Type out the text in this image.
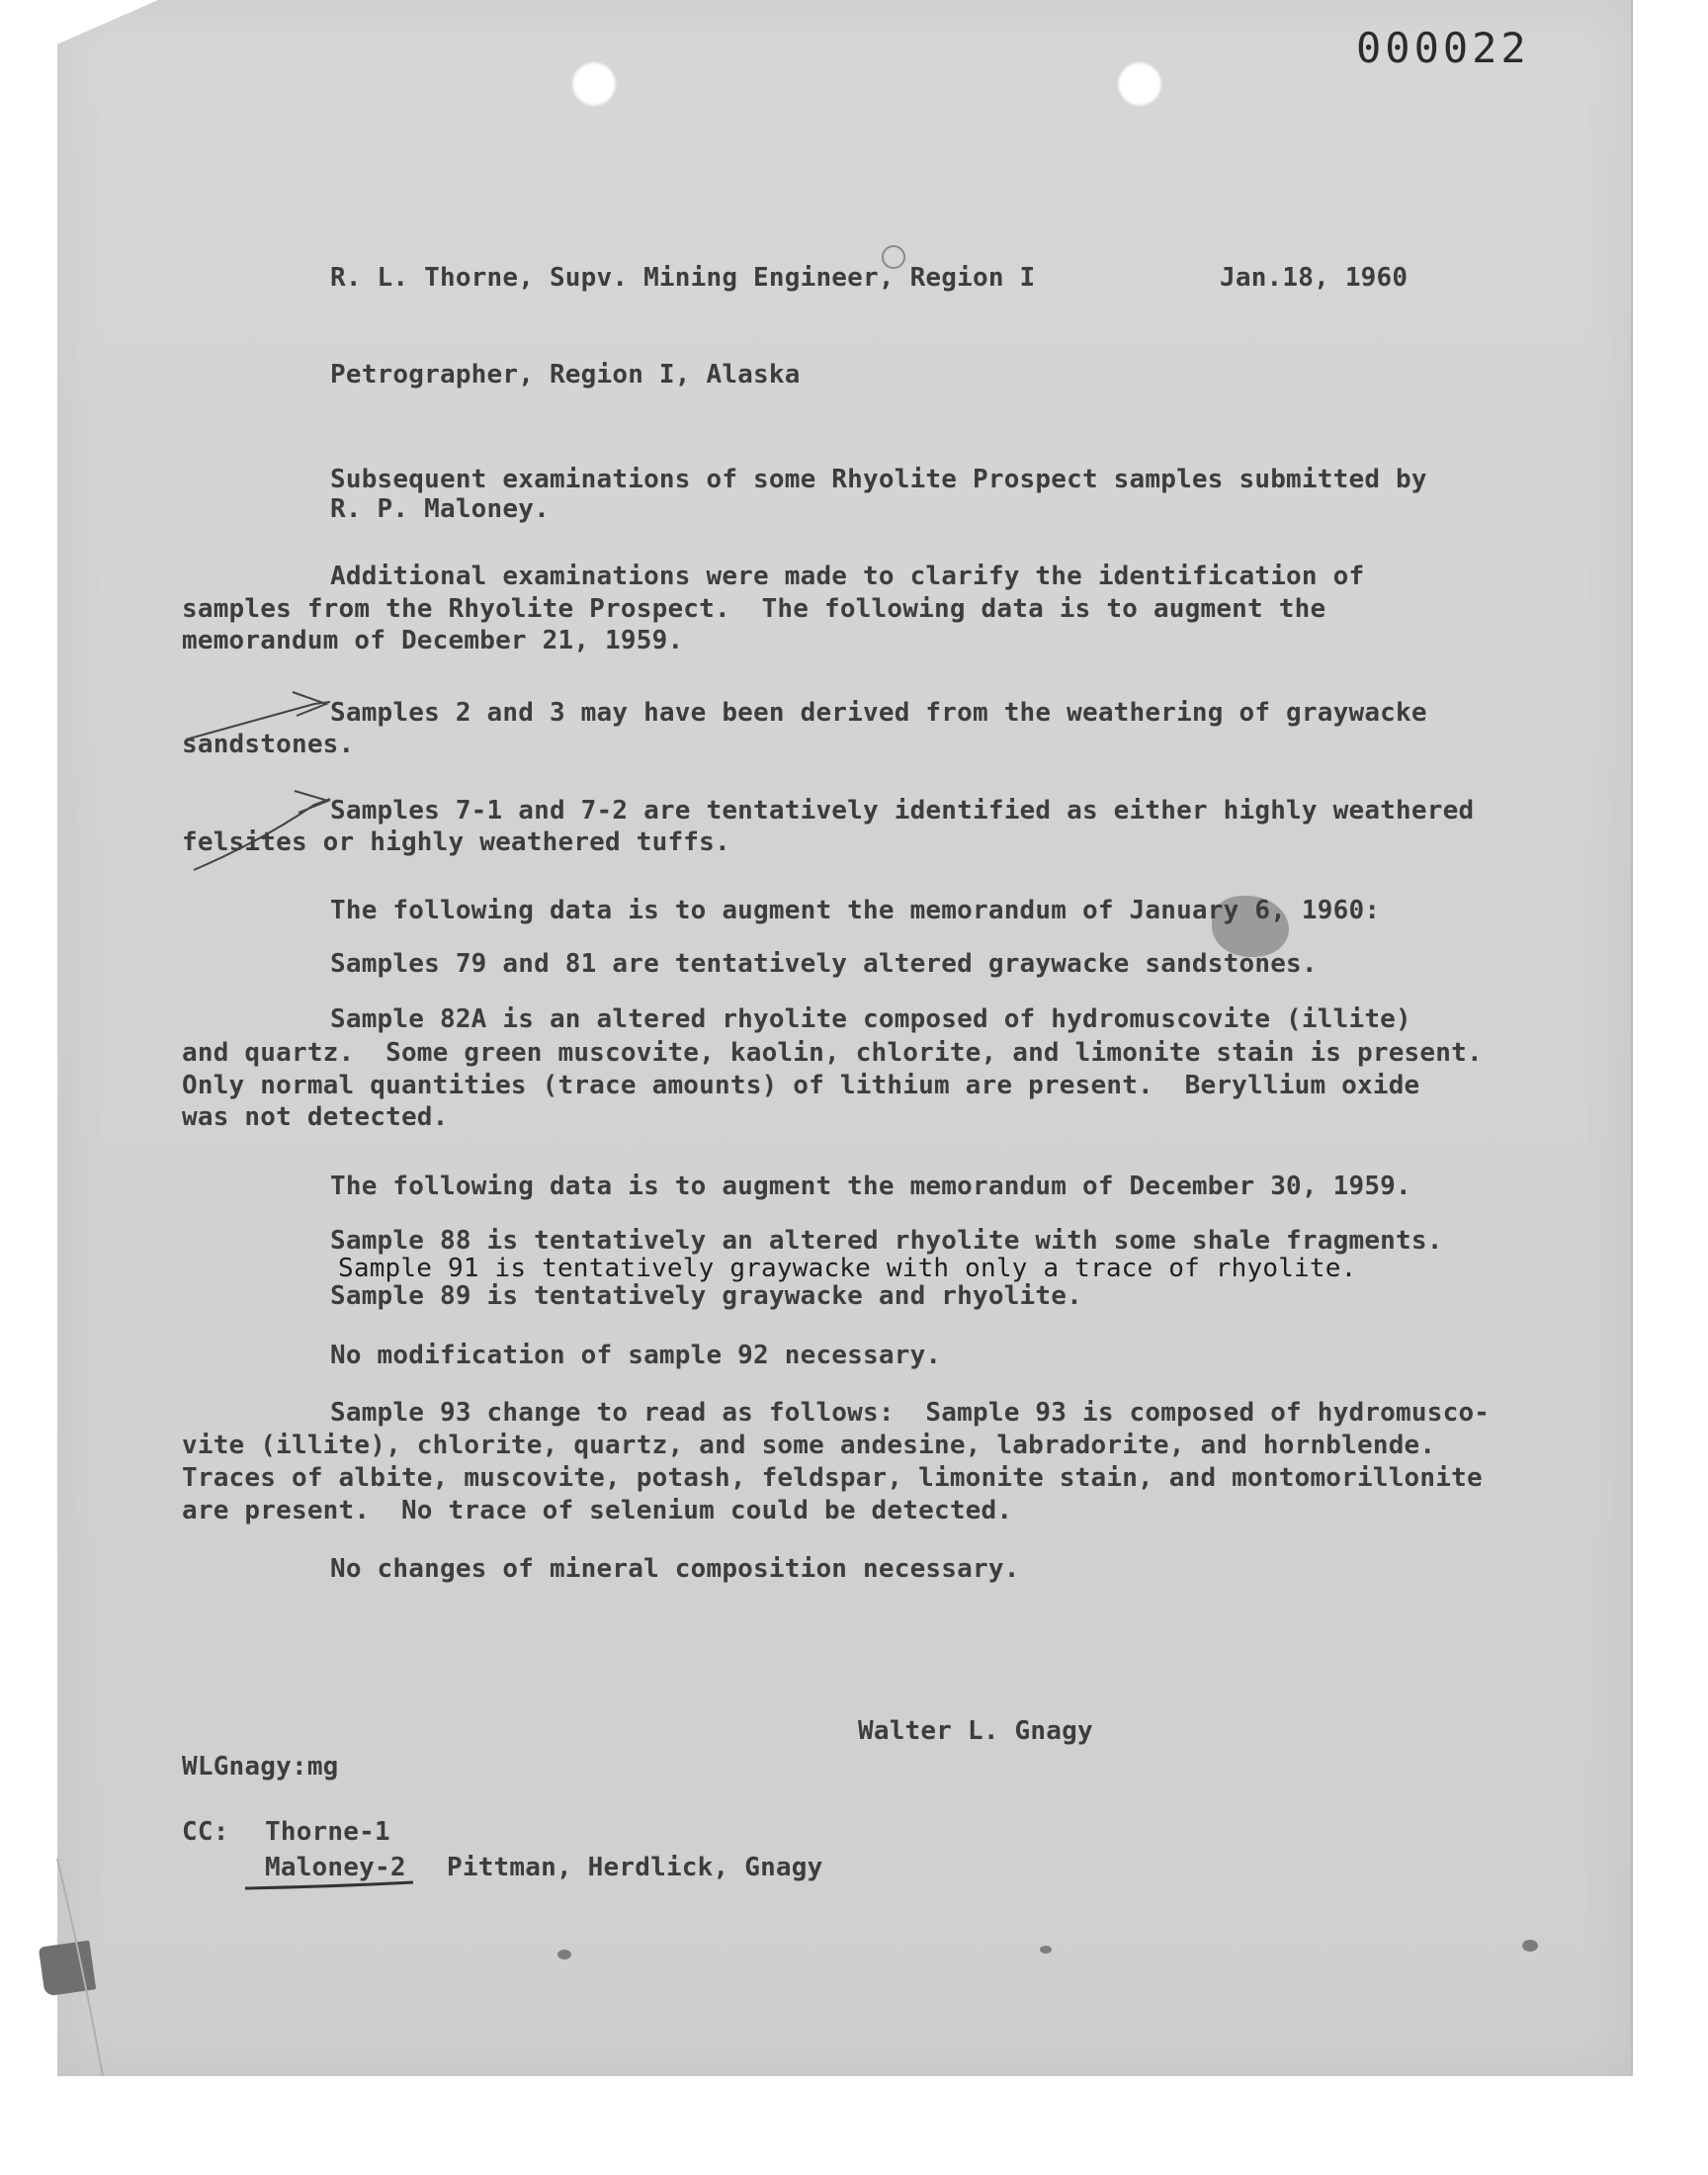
000022
R. L. Thorne, Supv. Mining Engineer, Region I	Jan.18, 1960
Petrographer, Region I, Alaska
Subsequent examinations of some Rhyolite Prospect samples submitted by
R. P. Maloney.
Additional examinations were made to clarify the identification of
samples from the Rhyolite Prospect.  The following data is to augment the
memorandum of December 21, 1959.
Samples 2 and 3 may have been derived from the weathering of graywacke
sandstones.
Samples 7-1 and 7-2 are tentatively identified as either highly weathered
felsites or highly weathered tuffs.
The following data is to augment the memorandum of January 6, 1960:
Samples 79 and 81 are tentatively altered graywacke sandstones.
Sample 82A is an altered rhyolite composed of hydromuscovite (illite)
and quartz.  Some green muscovite, kaolin, chlorite, and limonite stain is present.
Only normal quantities (trace amounts) of lithium are present.  Beryllium oxide
was not detected.
The following data is to augment the memorandum of December 30, 1959.
Sample 88 is tentatively an altered rhyolite with some shale fragments.
Sample 91 is tentatively graywacke with only a trace of rhyolite.
Sample 89 is tentatively graywacke and rhyolite.
No modification of sample 92 necessary.
Sample 93 change to read as follows:  Sample 93 is composed of hydromusco-
vite (illite), chlorite, quartz, and some andesine, labradorite, and hornblende.
Traces of albite, muscovite, potash, feldspar, limonite stain, and montomorillonite
are present.  No trace of selenium could be detected.
No changes of mineral composition necessary.
Walter L. Gnagy
WLGnagy:mg
CC: Thorne-1
Maloney-2 Pittman, Herdlick, Gnagy
